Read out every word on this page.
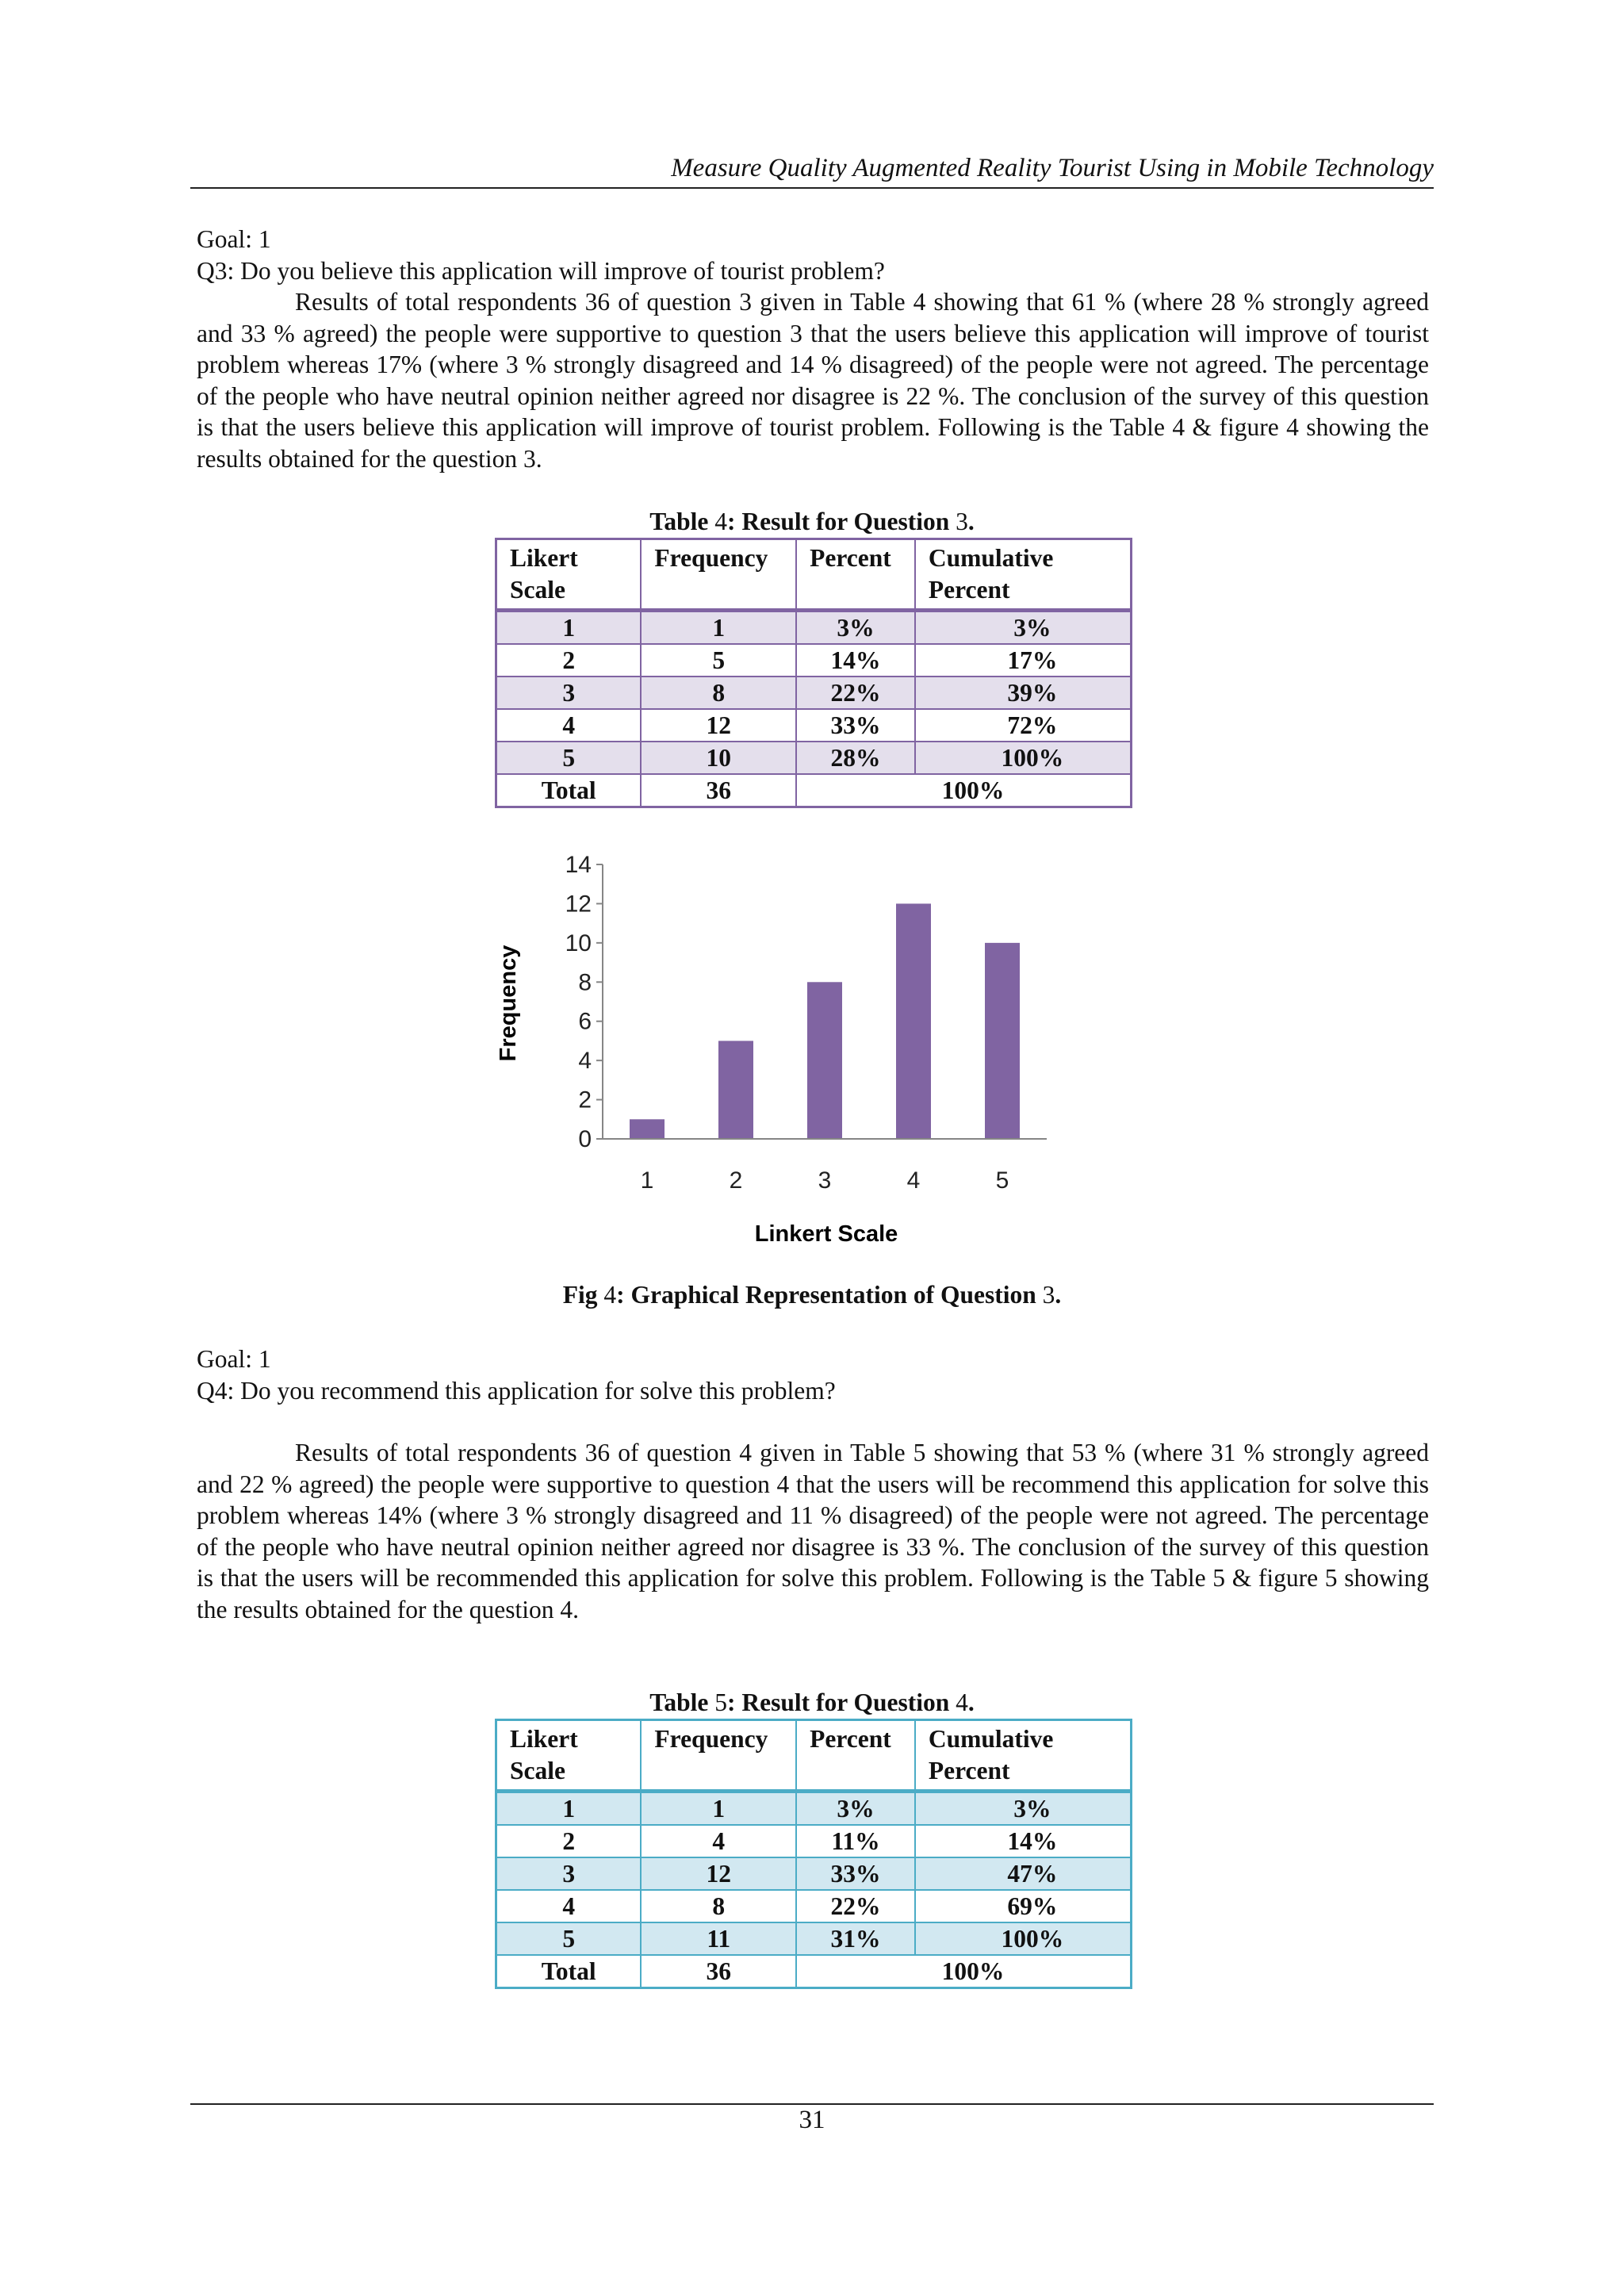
Measure Quality Augmented Reality Tourist Using in Mobile Technology
Goal: 1
Q3: Do you believe this application will improve of tourist problem?
Results of total respondents 36 of question 3 given in Table 4 showing that 61 % (where 28 % strongly agreed and 33 % agreed) the people were supportive to question 3 that the users believe this application will improve of tourist problem whereas 17% (where 3 % strongly disagreed and 14 % disagreed) of the people were not agreed. The percentage of the people who have neutral opinion neither agreed nor disagree is 22 %. The conclusion of the survey of this question is that the users believe this application will improve of tourist problem. Following is the Table 4 & figure 4 showing the results obtained for the question 3.
Table 4: Result for Question 3.
Likert Scale	Frequency	Percent	Cumulative Percent
1	1	3%	3%
2	5	14%	17%
3	8	22%	39%
4	12	33%	72%
5	10	28%	100%
Total	36	100%	
0
2
4
6
8
10
12
14
1	2	3	4	5
Frequency
Linkert Scale
Fig 4: Graphical Representation of Question 3.
Goal: 1
Q4: Do you recommend this application for solve this problem?
Results of total respondents 36 of question 4 given in Table 5 showing that 53 % (where 31 % strongly agreed and 22 % agreed) the people were supportive to question 4 that the users will be recommend this application for solve this problem whereas 14% (where 3 % strongly disagreed and 11 % disagreed) of the people were not agreed. The percentage of the people who have neutral opinion neither agreed nor disagree is 33 %. The conclusion of the survey of this question is that the users will be recommended this application for solve this problem. Following is the Table 5 & figure 5 showing the results obtained for the question 4.
Table 5: Result for Question 4.
Likert Scale	Frequency	Percent	Cumulative Percent
1	1	3%	3%
2	4	11%	14%
3	12	33%	47%
4	8	22%	69%
5	11	31%	100%
Total	36	100%	
31
